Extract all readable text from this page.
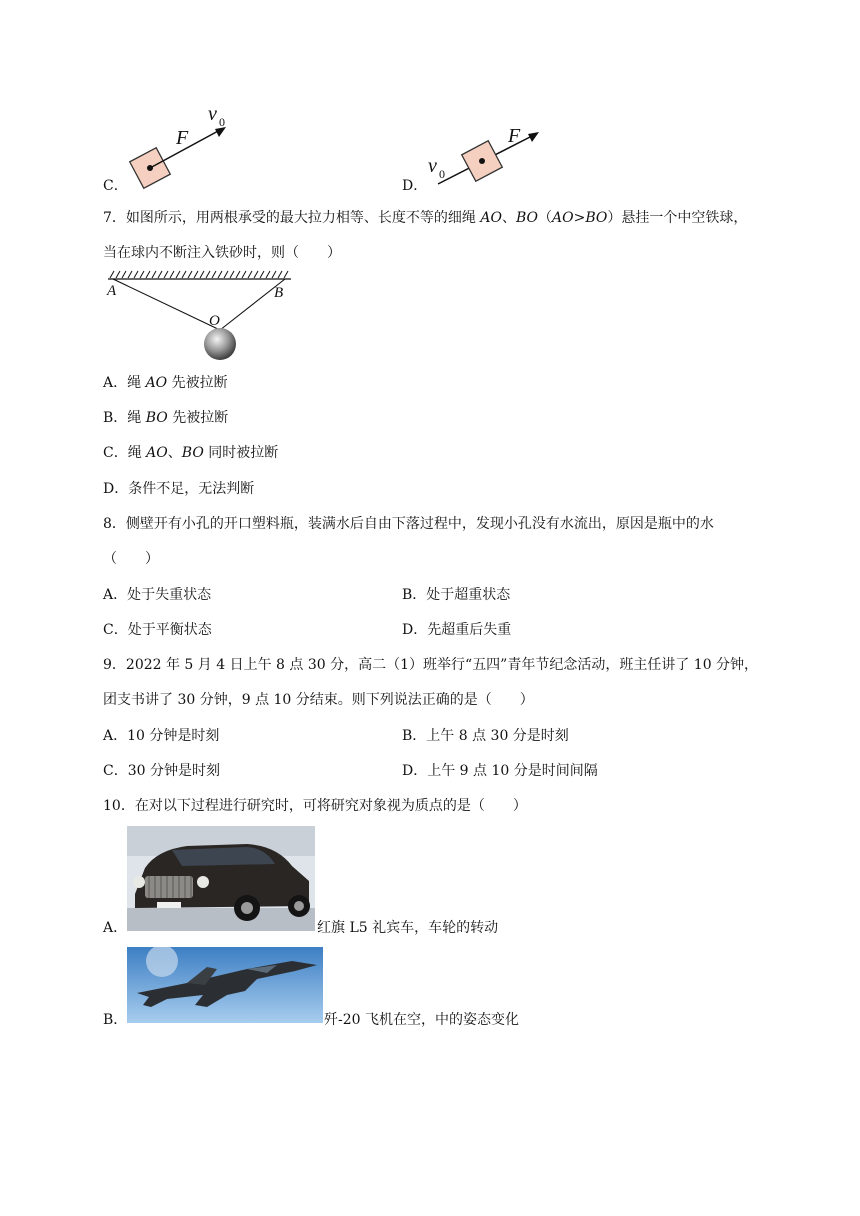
C．
F
v 0
D．
F
v 0
7．如图所示，用两根承受的最大拉力相等、长度不等的细绳 AO、BO（AO>BO）悬挂一个中空铁球，
当在球内不断注入铁砂时，则（　　）
A	B
O
A．绳 AO 先被拉断
B．绳 BO 先被拉断
C．绳 AO、BO 同时被拉断
D．条件不足，无法判断
8．侧壁开有小孔的开口塑料瓶，装满水后自由下落过程中，发现小孔没有水流出，原因是瓶中的水
（　　）
A．处于失重状态	B．处于超重状态
C．处于平衡状态	D．先超重后失重
9．2022 年 5 月 4 日上午 8 点 30 分，高二（1）班举行“五四”青年节纪念活动，班主任讲了 10 分钟，
团支书讲了 30 分钟，9 点 10 分结束。则下列说法正确的是（　　）
A．10 分钟是时刻	B．上午 8 点 30 分是时刻
C．30 分钟是时刻	D．上午 9 点 10 分是时间间隔
10．在对以下过程进行研究时，可将研究对象视为质点的是（　　）
A．	红旗 L5 礼宾车，车轮的转动
B．	歼-20 飞机在空，中的姿态变化
